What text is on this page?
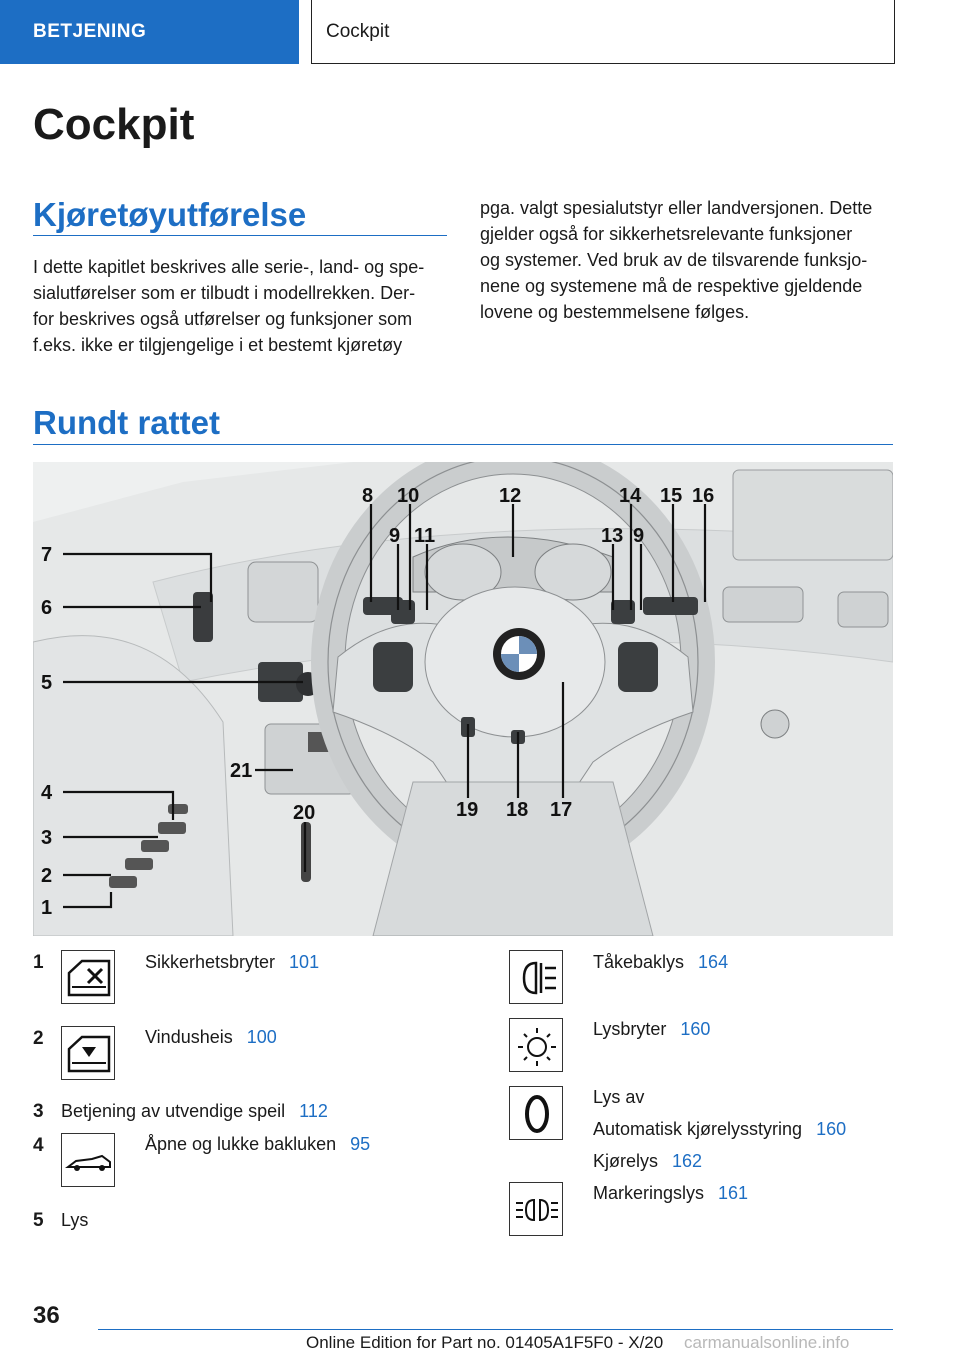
BETJENING	Cockpit
Cockpit
Kjøretøyutførelse
I dette kapitlet beskrives alle serie-, land- og spe-
sialutførelser som er tilbudt i modellrekken. Der-
for beskrives også utførelser og funksjoner som
f.eks. ikke er tilgjengelige i et bestemt kjøretøy
pga. valgt spesialutstyr eller landversjonen. Dette
gjelder også for sikkerhetsrelevante funksjoner
og systemer. Ved bruk av de tilsvarende funksjo-
nene og systemene må de respektive gjeldende
lovene og bestemmelsene følges.
Rundt rattet
7
6
5
4
3
2
1
8
9
10
11
12
13
14
9
15 16
17
18
19
20
21
1	Sikkerhetsbryter 101
2	Vindusheis 100
3 Betjening av utvendige speil 112
4	Åpne og lukke bakluken 95
5 Lys
Tåkebaklys 164
Lysbryter 160
Lys av
Automatisk kjørelysstyring 160
Kjørelys 162
Markeringslys 161
36
Online Edition for Part no. 01405A1F5F0 - X/20 carmanualsonline.info
